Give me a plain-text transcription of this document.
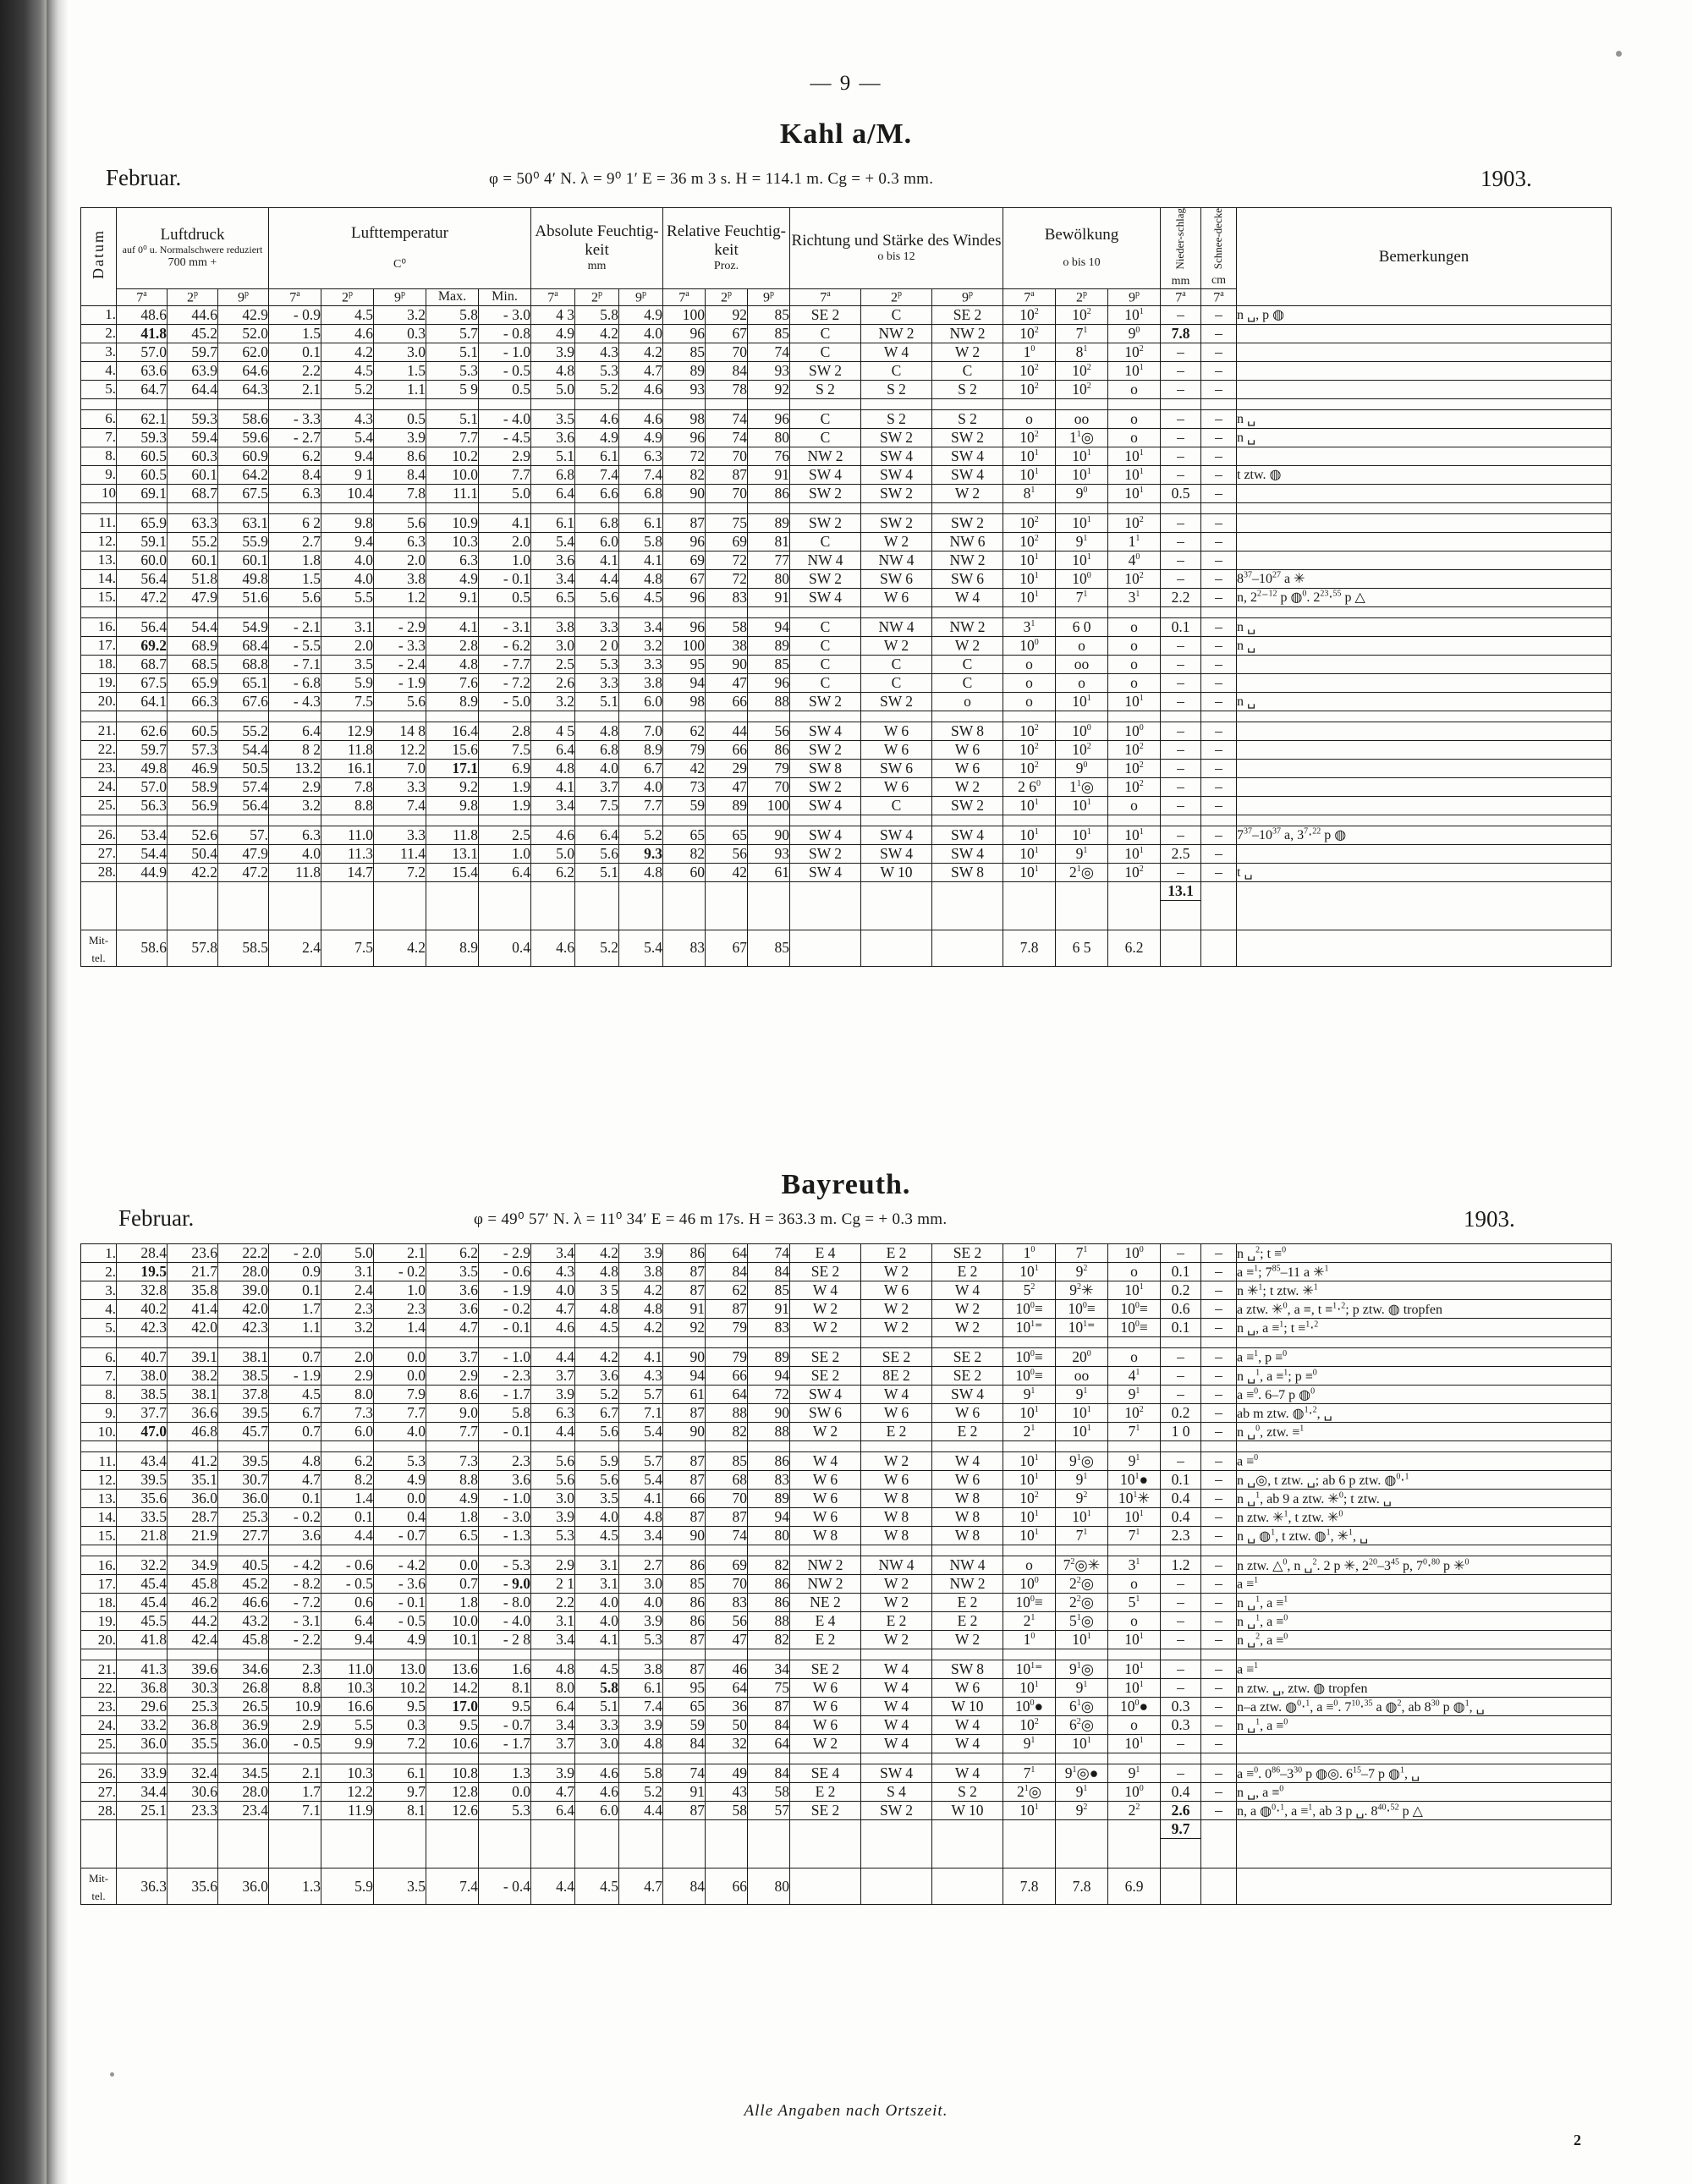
— 9 —
Kahl a/M.
Februar.	φ = 50⁰ 4′ N. λ = 9⁰ 1′ E = 36 m 3 s. H = 114.1 m. Cg = + 0.3 mm.	1903.
Datum	Luftdruck
auf 0⁰ u. Normalschwere reduziert
700 mm +

Lufttemperatur
C⁰

Absolute Feuchtig-keit
mm

Relative Feuchtig-keit
Proz.

Richtung und Stärke des Windes
o bis 12

Bewölkung
o bis 10	Nieder-schlag
mm
	Schnee-decke
cm
	Bemerkungen
	7$^a$	2$^p$	9$^p$	7$^a$	2$^p$	9$^p$	Max.	Min.	7$^a$	2$^p$	9$^p$	7$^a$	2$^p$	9$^p$	7$^a$	2$^p$	9$^p$	7$^a$	2$^p$	9$^p$	7$^a$	7$^a$
1.	48.6	44.6	42.9	- 0.9	4.5	3.2	5.8	- 3.0	4 3	5.8	4.9	100	92	85	SE 2	C	SE 2	$10^2$	$10^2$	$10^1$	–	–	n ␣, p ◍
2.	41.8	45.2	52.0	1.5	4.6	0.3	5.7	- 0.8	4.9	4.2	4.0	96	67	85	C	NW 2	NW 2	$10^2$	$7^1$	$9^0$	7.8	–	
3.	57.0	59.7	62.0	0.1	4.2	3.0	5.1	- 1.0	3.9	4.3	4.2	85	70	74	C	W 4	W 2	$1^0$	$8^1$	$10^2$	–	–	
4.	63.6	63.9	64.6	2.2	4.5	1.5	5.3	- 0.5	4.8	5.3	4.7	89	84	93	SW 2	C	C	$10^2$	$10^2$	$10^1$	–	–	
5.	64.7	64.4	64.3	2.1	5.2	1.1	5 9	0.5	5.0	5.2	4.6	93	78	92	S 2	S 2	S 2	$10^2$	$10^2$	o	–	–	

6.	62.1	59.3	58.6	- 3.3	4.3	0.5	5.1	- 4.0	3.5	4.6	4.6	98	74	96	C	S 2	S 2	o	oo	o	–	–	n ␣
7.	59.3	59.4	59.6	- 2.7	5.4	3.9	7.7	- 4.5	3.6	4.9	4.9	96	74	80	C	SW 2	SW 2	$10^2$	$1^1◎$	o	–	–	n ␣
8.	60.5	60.3	60.9	6.2	9.4	8.6	10.2	2.9	5.1	6.1	6.3	72	70	76	NW 2	SW 4	SW 4	$10^1$	$10^1$	$10^1$	–	–	
9.	60.5	60.1	64.2	8.4	9 1	8.4	10.0	7.7	6.8	7.4	7.4	82	87	91	SW 4	SW 4	SW 4	$10^1$	$10^1$	$10^1$	–	–	t ztw. ◍
10	69.1	68.7	67.5	6.3	10.4	7.8	11.1	5.0	6.4	6.6	6.8	90	70	86	SW 2	SW 2	W 2	$8^1$	$9^0$	$10^1$	0.5	–	

11.	65.9	63.3	63.1	6 2	9.8	5.6	10.9	4.1	6.1	6.8	6.1	87	75	89	SW 2	SW 2	SW 2	$10^2$	$10^1$	$10^2$	–	–	
12.	59.1	55.2	55.9	2.7	9.4	6.3	10.3	2.0	5.4	6.0	5.8	96	69	81	C	W 2	NW 6	$10^2$	$9^1$	$1^1$	–	–	
13.	60.0	60.1	60.1	1.8	4.0	2.0	6.3	1.0	3.6	4.1	4.1	69	72	77	NW 4	NW 4	NW 2	$10^1$	$10^1$	$4^0$	–	–	
14.	56.4	51.8	49.8	1.5	4.0	3.8	4.9	- 0.1	3.4	4.4	4.8	67	72	80	SW 2	SW 6	SW 6	$10^1$	$10^0$	$10^2$	–	–	$8^{37}-10^{27}$ a ✳
15.	47.2	47.9	51.6	5.6	5.5	1.2	9.1	0.5	6.5	5.6	4.5	96	83	91	SW 4	W 6	W 4	$10^1$	$7^1$	$3^1$	2.2	–	n, $2^2^-^{12}$ p ◍$^0$. $2^{23}\cdot^{55}$ p △

16.	56.4	54.4	54.9	- 2.1	3.1	- 2.9	4.1	- 3.1	3.8	3.3	3.4	96	58	94	C	NW 4	NW 2	$3^1$	6 0	o	0.1	–	n ␣
17.	69.2	68.9	68.4	- 5.5	2.0	- 3.3	2.8	- 6.2	3.0	2 0	3.2	100	38	89	C	W 2	W 2	$10^0$	o	o	–	–	n ␣
18.	68.7	68.5	68.8	- 7.1	3.5	- 2.4	4.8	- 7.7	2.5	5.3	3.3	95	90	85	C	C	C	o	oo	o	–	–	
19.	67.5	65.9	65.1	- 6.8	5.9	- 1.9	7.6	- 7.2	2.6	3.3	3.8	94	47	96	C	C	C	o	o	o	–	–	
20.	64.1	66.3	67.6	- 4.3	7.5	5.6	8.9	- 5.0	3.2	5.1	6.0	98	66	88	SW 2	SW 2	o	o	$10^1$	$10^1$	–	–	n ␣

21.	62.6	60.5	55.2	6.4	12.9	14 8	16.4	2.8	4 5	4.8	7.0	62	44	56	SW 4	W 6	SW 8	$10^2$	$10^0$	$10^0$	–	–	
22.	59.7	57.3	54.4	8 2	11.8	12.2	15.6	7.5	6.4	6.8	8.9	79	66	86	SW 2	W 6	W 6	$10^2$	$10^2$	$10^2$	–	–	
23.	49.8	46.9	50.5	13.2	16.1	7.0	17.1	6.9	4.8	4.0	6.7	42	29	79	SW 8	SW 6	W 6	$10^2$	$9^0$	$10^2$	–	–	
24.	57.0	58.9	57.4	2.9	7.8	3.3	9.2	1.9	4.1	3.7	4.0	73	47	70	SW 2	W 6	W 2	2 $6^0$	$1^1◎$	$10^2$	–	–	
25.	56.3	56.9	56.4	3.2	8.8	7.4	9.8	1.9	3.4	7.5	7.7	59	89	100	SW 4	C	SW 2	$10^1$	$10^1$	o	–	–	

26.	53.4	52.6	57.	6.3	11.0	3.3	11.8	2.5	4.6	6.4	5.2	65	65	90	SW 4	SW 4	SW 4	$10^1$	$10^1$	$10^1$	–	–	$7^{37}-10^{37}$ a, $3^7\cdot^{22}$ p ◍
27.	54.4	50.4	47.9	4.0	11.3	11.4	13.1	1.0	5.0	5.6	9.3	82	56	93	SW 2	SW 4	SW 4	$10^1$	$9^1$	$10^1$	2.5	–	
28.	44.9	42.2	47.2	11.8	14.7	7.2	15.4	6.4	6.2	5.1	4.8	60	42	61	SW 4	W 10	SW 8	$10^1$	$2^1◎$	$10^2$	–	–	t ␣
																					13.1		

Mit-
tel.	58.6	57.8	58.5	2.4	7.5	4.2	8.9	0.4	4.6	5.2	5.4	83	67	85				7.8	6 5	6.2			
Bayreuth.
Februar.	φ = 49⁰ 57′ N. λ = 11⁰ 34′ E = 46 m 17s. H = 363.3 m. Cg = + 0.3 mm.	1903.
1.	28.4	23.6	22.2	- 2.0	5.0	2.1	6.2	- 2.9	3.4	4.2	3.9	86	64	74	E 4	E 2	SE 2	$1^0$	$7^1$	$10^0$	–	–	n ␣$^2$; t ≡$^0$
2.	19.5	21.7	28.0	0.9	3.1	- 0.2	3.5	- 0.6	4.3	4.8	3.8	87	84	84	SE 2	W 2	E 2	$10^1$	$9^2$	o	0.1	–	a ≡$^1$; $7^{85}-11$ a ✳$^1$
3.	32.8	35.8	39.0	0.1	2.4	1.0	3.6	- 1.9	4.0	3 5	4.2	87	62	85	W 4	W 6	W 4	$5^2$	$9^2✳$	$10^1$	0.2	–	n ✳$^1$; t ztw. ✳$^1$
4.	40.2	41.4	42.0	1.7	2.3	2.3	3.6	- 0.2	4.7	4.8	4.8	91	87	91	W 2	W 2	W 2	$10^0\equiv$	$10^0\equiv$	$10^0\equiv$	0.6	–	a ztw. ✳$^0$, a ≡, t ≡$^1$⋅$^2$; p ztw. ◍ tropfen
5.	42.3	42.0	42.3	1.1	3.2	1.4	4.7	- 0.1	4.6	4.5	4.2	92	79	83	W 2	W 2	W 2	$10^1^=$	$10^1^=$	$10^0\equiv$	0.1	–	n ␣, a ≡$^1$; t ≡$^1$⋅$^2$

6.	40.7	39.1	38.1	0.7	2.0	0.0	3.7	- 1.0	4.4	4.2	4.1	90	79	89	SE 2	SE 2	SE 2	$10^0\equiv$	$20^0$	o	–	–	a ≡$^1$, p ≡$^0$
7.	38.0	38.2	38.5	- 1.9	2.9	0.0	2.9	- 2.3	3.7	3.6	4.3	94	66	94	SE 2	8E 2	SE 2	$10^0\equiv$	oo	$4^1$	–	–	n ␣$^1$, a ≡$^1$; p ≡$^0$
8.	38.5	38.1	37.8	4.5	8.0	7.9	8.6	- 1.7	3.9	5.2	5.7	61	64	72	SW 4	W 4	SW 4	$9^1$	$9^1$	$9^1$	–	–	a ≡$^0$. 6–7 p ◍$^0$
9.	37.7	36.6	39.5	6.7	7.3	7.7	9.0	5.8	6.3	6.7	7.1	87	88	90	SW 6	W 6	W 6	$10^1$	$10^1$	$10^2$	0.2	–	ab m ztw. ◍$^1$⋅$^2$, ␣
10.	47.0	46.8	45.7	0.7	6.0	4.0	7.7	- 0.1	4.4	5.6	5.4	90	82	88	W 2	E 2	E 2	$2^1$	$10^1$	$7^1$	1 0	–	n ␣$^0$, ztw. ≡$^1$

11.	43.4	41.2	39.5	4.8	6.2	5.3	7.3	2.3	5.6	5.9	5.7	87	85	86	W 4	W 2	W 4	$10^1$	$9^1◎$	$9^1$	–	–	a ≡$^0$
12.	39.5	35.1	30.7	4.7	8.2	4.9	8.8	3.6	5.6	5.6	5.4	87	68	83	W 6	W 6	W 6	$10^1$	$9^1$	$10^1●$	0.1	–	n ␣◎, t ztw. ␣; ab 6 p ztw. ◍$^0$⋅$^1$
13.	35.6	36.0	36.0	0.1	1.4	0.0	4.9	- 1.0	3.0	3.5	4.1	66	70	89	W 6	W 8	W 8	$10^2$	$9^2$	$10^1✳$	0.4	–	n ␣$^1$, ab 9 a ztw. ✳$^0$; t ztw. ␣
14.	33.5	28.7	25.3	- 0.2	0.1	0.4	1.8	- 3.0	3.9	4.0	4.8	87	87	94	W 6	W 8	W 8	$10^1$	$10^1$	$10^1$	0.4	–	n ztw. ✳$^1$, t ztw. ✳$^0$
15.	21.8	21.9	27.7	3.6	4.4	- 0.7	6.5	- 1.3	5.3	4.5	3.4	90	74	80	W 8	W 8	W 8	$10^1$	$7^1$	$7^1$	2.3	–	n ␣ ◍$^1$, t ztw. ◍$^1$, ✳$^1$, ␣

16.	32.2	34.9	40.5	- 4.2	- 0.6	- 4.2	0.0	- 5.3	2.9	3.1	2.7	86	69	82	NW 2	NW 4	NW 4	o	$7^2◎✳$	$3^1$	1.2	–	n ztw. △$^0$, n ␣$^2$. 2 p ✳, $2^{20}-3^{45}$ p, $7^0\cdot^{80}$ p ✳$^0$
17.	45.4	45.8	45.2	- 8.2	- 0.5	- 3.6	0.7	- 9.0	2 1	3.1	3.0	85	70	86	NW 2	W 2	NW 2	$10^0$	$2^2◎$	o	–	–	a ≡$^1$
18.	45.4	46.2	46.6	- 7.2	0.6	- 0.1	1.8	- 8.0	2.2	4.0	4.0	86	83	86	NE 2	W 2	E 2	$10^0\equiv$	$2^2◎$	$5^1$	–	–	n ␣$^1$, a ≡$^1$
19.	45.5	44.2	43.2	- 3.1	6.4	- 0.5	10.0	- 4.0	3.1	4.0	3.9	86	56	88	E 4	E 2	E 2	$2^1$	$5^1◎$	o	–	–	n ␣$^1$, a ≡$^0$
20.	41.8	42.4	45.8	- 2.2	9.4	4.9	10.1	- 2 8	3.4	4.1	5.3	87	47	82	E 2	W 2	W 2	$1^0$	$10^1$	$10^1$	–	–	n ␣$^2$, a ≡$^0$

21.	41.3	39.6	34.6	2.3	11.0	13.0	13.6	1.6	4.8	4.5	3.8	87	46	34	SE 2	W 4	SW 8	$10^1^=$	$9^1◎$	$10^1$	–	–	a ≡$^1$
22.	36.8	30.3	26.8	8.8	10.3	10.2	14.2	8.1	8.0	5.8	6.1	95	64	75	W 6	W 4	W 6	$10^1$	$9^1$	$10^1$	–	–	n ztw. ␣, ztw. ◍ tropfen
23.	29.6	25.3	26.5	10.9	16.6	9.5	17.0	9.5	6.4	5.1	7.4	65	36	87	W 6	W 4	W 10	$10^0●$	$6^1◎$	$10^0●$	0.3	–	n–a ztw. ◍$^0$⋅$^1$, a ≡$^0$. $7^{10}\cdot^{35}$ a ◍$^2$, ab $8^{30}$ p ◍$^1$, ␣
24.	33.2	36.8	36.9	2.9	5.5	0.3	9.5	- 0.7	3.4	3.3	3.9	59	50	84	W 6	W 4	W 4	$10^2$	$6^2◎$	o	0.3	–	n ␣$^1$, a ≡$^0$
25.	36.0	35.5	36.0	- 0.5	9.9	7.2	10.6	- 1.7	3.7	3.0	4.8	84	32	64	W 2	W 4	W 4	$9^1$	$10^1$	$10^1$	–	–	

26.	33.9	32.4	34.5	2.1	10.3	6.1	10.8	1.3	3.9	4.6	5.8	74	49	84	SE 4	SW 4	W 4	$7^1$	$9^1◎●$	$9^1$	–	–	a ≡$^0$. $0^{86}-3^{30}$ p ◍◎. $6^{15}-7$ p ◍$^1$, ␣
27.	34.4	30.6	28.0	1.7	12.2	9.7	12.8	0.0	4.7	4.6	5.2	91	43	58	E 2	S 4	S 2	$2^1◎$	$9^1$	$10^0$	0.4	–	n ␣, a ≡$^0$
28.	25.1	23.3	23.4	7.1	11.9	8.1	12.6	5.3	6.4	6.0	4.4	87	58	57	SE 2	SW 2	W 10	$10^1$	$9^2$	$2^2$	2.6	–	n, a ◍$^0$⋅$^1$, a ≡$^1$, ab 3 p ␣. $8^{40}\cdot^{52}$ p △
																					9.7		

Mit-
tel.	36.3	35.6	36.0	1.3	5.9	3.5	7.4	- 0.4	4.4	4.5	4.7	84	66	80				7.8	7.8	6.9			
Alle Angaben nach Ortszeit.
2
